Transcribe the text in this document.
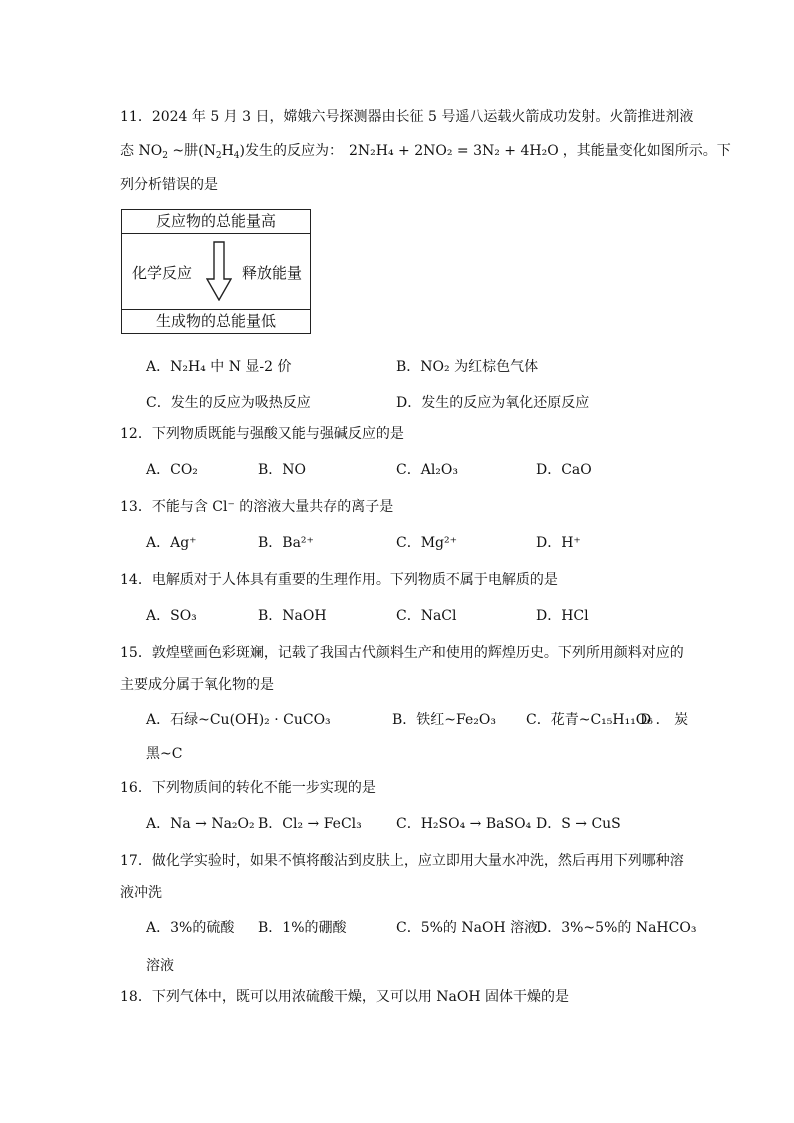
11．2024 年 5 月 3 日，嫦娥六号探测器由长征 5 号遥八运载火箭成功发射。火箭推进剂液
态 $NO_2$ ~肼$(N_2H_4)$发生的反应为： 2N₂H₄ + 2NO₂ = 3N₂ + 4H₂O ，其能量变化如图所示。下
列分析错误的是
反应物的总能量高
化学反应	释放能量
生成物的总能量低
A．N₂H₄ 中 N 显-2 价	B．NO₂ 为红棕色气体
C．发生的反应为吸热反应	D．发生的反应为氧化还原反应
12．下列物质既能与强酸又能与强碱反应的是
A．CO₂	B．NO	C．Al₂O₃	D．CaO
13．不能与含 Cl⁻ 的溶液大量共存的离子是
A．Ag⁺	B．Ba²⁺	C．Mg²⁺	D．H⁺
14．电解质对于人体具有重要的生理作用。下列物质不属于电解质的是
A．SO₃	B．NaOH	C．NaCl	D．HCl
15．敦煌壁画色彩斑斓，记载了我国古代颜料生产和使用的辉煌历史。下列所用颜料对应的
主要成分属于氧化物的是
A．石绿~Cu(OH)₂ · CuCO₃	B．铁红~Fe₂O₃ C．花青~C₁₅H₁₁O₆
D ． 炭
黑~C
16．下列物质间的转化不能一步实现的是
A．Na → Na₂O₂ B．Cl₂ → FeCl₃ C．H₂SO₄ → BaSO₄ D．S → CuS
17．做化学实验时，如果不慎将酸沾到皮肤上，应立即用大量水冲洗，然后再用下列哪种溶
液冲洗
A．3%的硫酸 B．1%的硼酸	C．5%的 NaOH 溶液
D．3%~5%的 NaHCO₃
溶液
18．下列气体中，既可以用浓硫酸干燥，又可以用 NaOH 固体干燥的是
